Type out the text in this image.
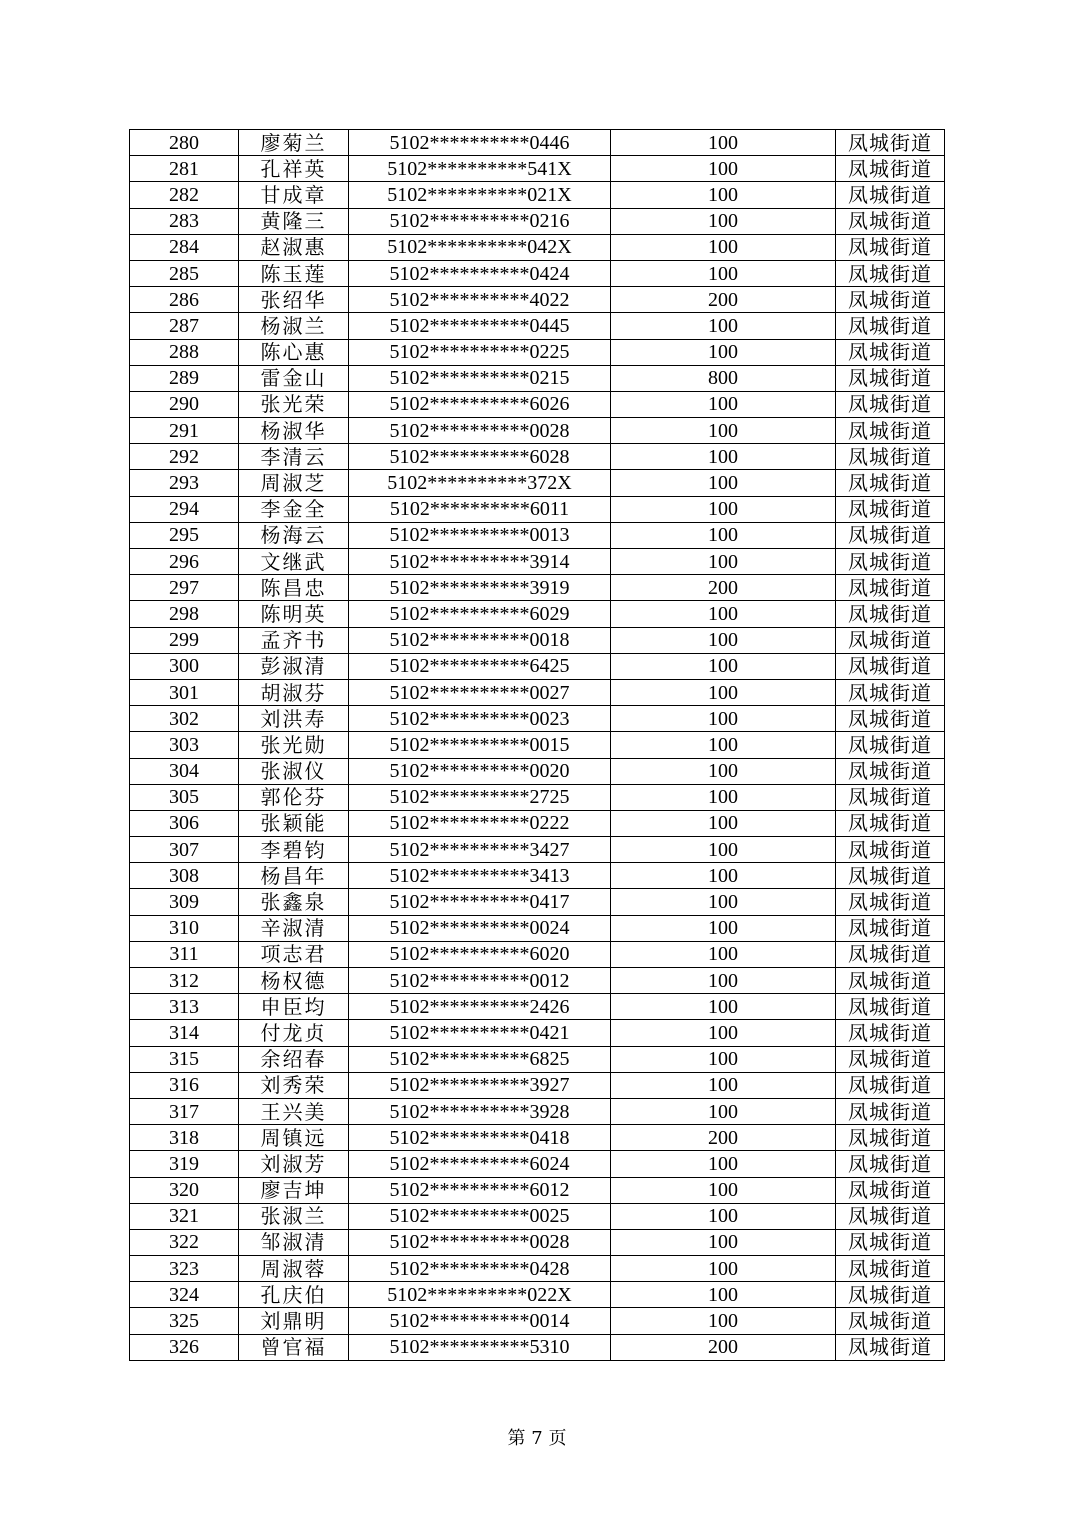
280	廖菊兰	5102**********0446	100	凤城街道
281	孔祥英	5102**********541X	100	凤城街道
282	甘成章	5102**********021X	100	凤城街道
283	黄隆三	5102**********0216	100	凤城街道
284	赵淑惠	5102**********042X	100	凤城街道
285	陈玉莲	5102**********0424	100	凤城街道
286	张绍华	5102**********4022	200	凤城街道
287	杨淑兰	5102**********0445	100	凤城街道
288	陈心惠	5102**********0225	100	凤城街道
289	雷金山	5102**********0215	800	凤城街道
290	张光荣	5102**********6026	100	凤城街道
291	杨淑华	5102**********0028	100	凤城街道
292	李清云	5102**********6028	100	凤城街道
293	周淑芝	5102**********372X	100	凤城街道
294	李金全	5102**********6011	100	凤城街道
295	杨海云	5102**********0013	100	凤城街道
296	文继武	5102**********3914	100	凤城街道
297	陈昌忠	5102**********3919	200	凤城街道
298	陈明英	5102**********6029	100	凤城街道
299	孟齐书	5102**********0018	100	凤城街道
300	彭淑清	5102**********6425	100	凤城街道
301	胡淑芬	5102**********0027	100	凤城街道
302	刘洪寿	5102**********0023	100	凤城街道
303	张光勋	5102**********0015	100	凤城街道
304	张淑仪	5102**********0020	100	凤城街道
305	郭伦芬	5102**********2725	100	凤城街道
306	张颖能	5102**********0222	100	凤城街道
307	李碧钧	5102**********3427	100	凤城街道
308	杨昌年	5102**********3413	100	凤城街道
309	张鑫泉	5102**********0417	100	凤城街道
310	辛淑清	5102**********0024	100	凤城街道
311	项志君	5102**********6020	100	凤城街道
312	杨权德	5102**********0012	100	凤城街道
313	申臣均	5102**********2426	100	凤城街道
314	付龙贞	5102**********0421	100	凤城街道
315	余绍春	5102**********6825	100	凤城街道
316	刘秀荣	5102**********3927	100	凤城街道
317	王兴美	5102**********3928	100	凤城街道
318	周镇远	5102**********0418	200	凤城街道
319	刘淑芳	5102**********6024	100	凤城街道
320	廖吉坤	5102**********6012	100	凤城街道
321	张淑兰	5102**********0025	100	凤城街道
322	邹淑清	5102**********0028	100	凤城街道
323	周淑蓉	5102**********0428	100	凤城街道
324	孔庆伯	5102**********022X	100	凤城街道
325	刘鼎明	5102**********0014	100	凤城街道
326	曾官福	5102**********5310	200	凤城街道
第 7 页
